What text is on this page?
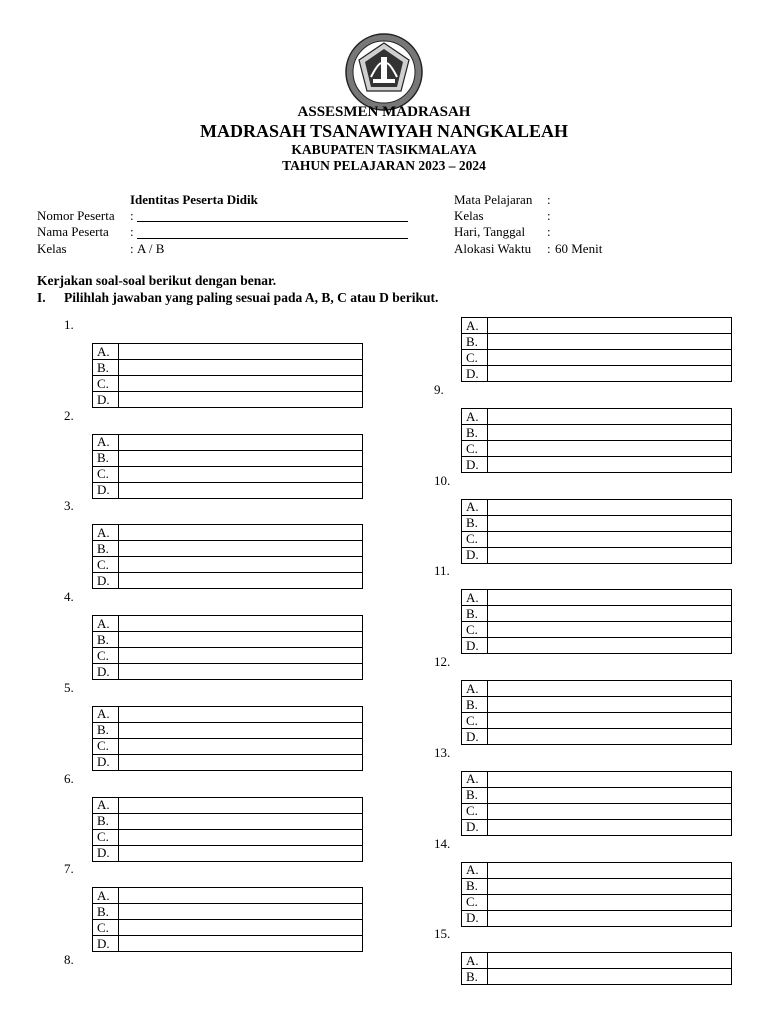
ASSESMEN MADRASAH
MADRASAH TSANAWIYAH NANGKALEAH
KABUPATEN TASIKMALAYA
TAHUN PELAJARAN 2023 – 2024
Identitas Peserta Didik
Nomor Peserta :
Nama Peserta :
Kelas	: A / B
Mata Pelajaran :
Kelas	:
Hari, Tanggal :
Alokasi Waktu : 60 Menit
Kerjakan soal-soal berikut dengan benar.
I. Pilihlah jawaban yang paling sesuai pada A, B, C atau D berikut.
1.
A.	
B.	
C.	
D.	
2.
A.	
B.	
C.	
D.	
3.
A.	
B.	
C.	
D.	
4.
A.	
B.	
C.	
D.	
5.
A.	
B.	
C.	
D.	
6.
A.	
B.	
C.	
D.	
7.
A.	
B.	
C.	
D.	
8.
A.	
B.	
C.	
D.	
9.
A.	
B.	
C.	
D.	
10.
A.	
B.	
C.	
D.	
11.
A.	
B.	
C.	
D.	
12.
A.	
B.	
C.	
D.	
13.
A.	
B.	
C.	
D.	
14.
A.	
B.	
C.	
D.	
15.
A.	
B.	
